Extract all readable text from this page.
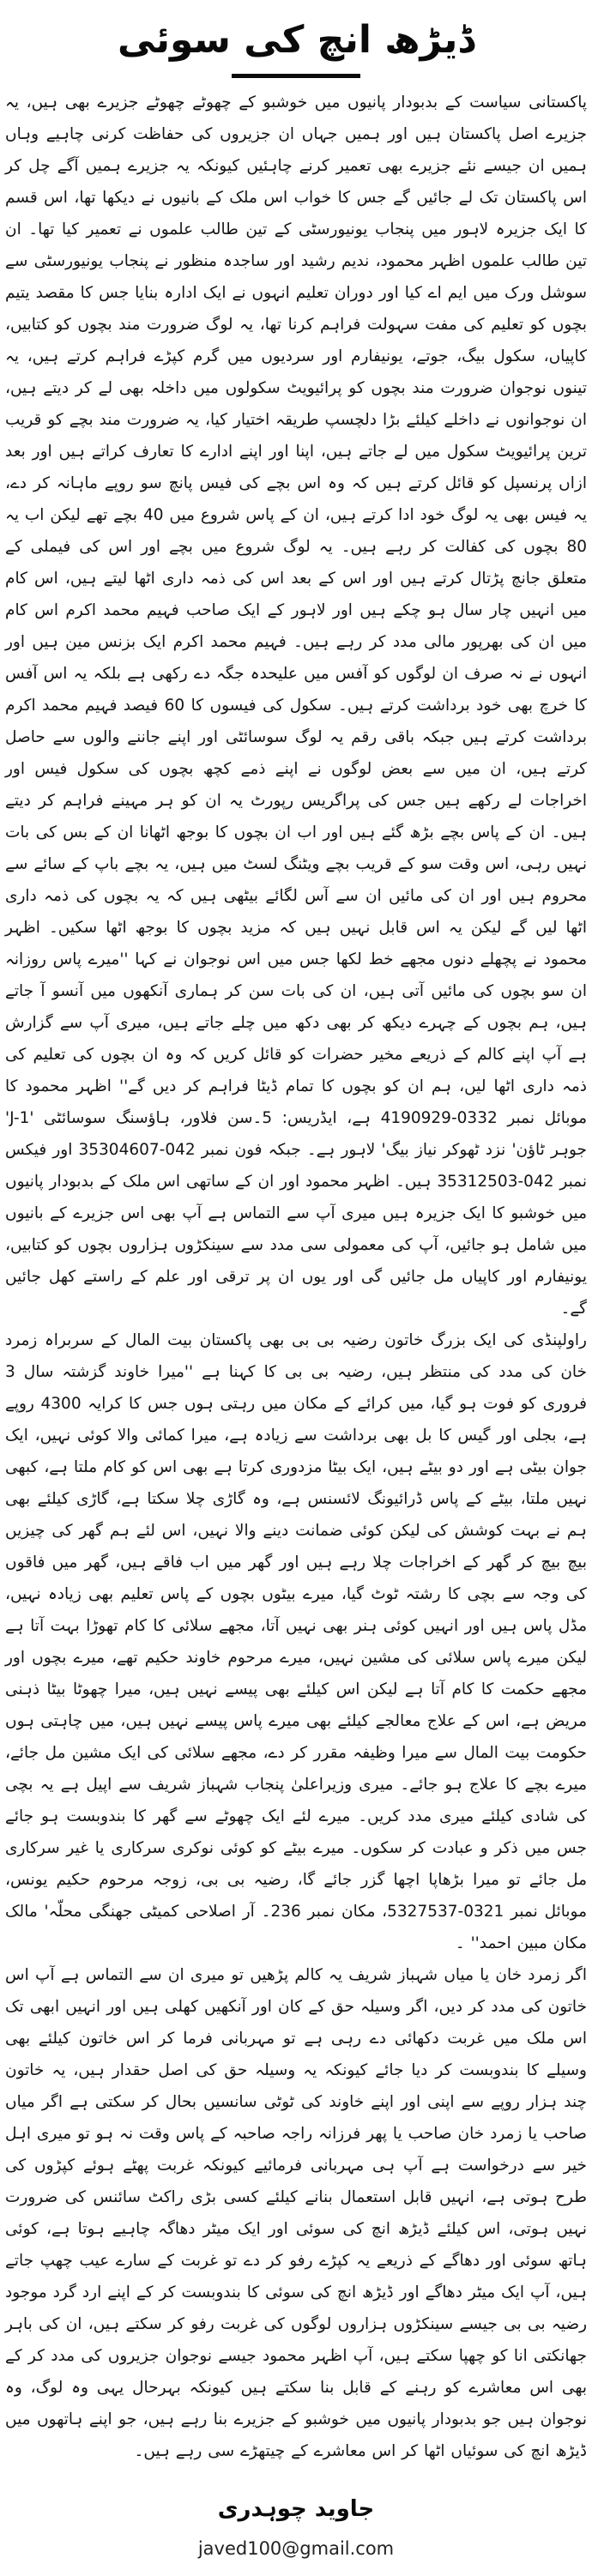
ڈیڑھ انچ کی سوئی

پاکستانی سیاست کے بدبودار پانیوں میں خوشبو کے چھوٹے چھوٹے جزیرے بھی ہیں، یہ جزیرے اصل پاکستان ہیں اور ہمیں جہاں ان جزیروں کی حفاظت کرنی چاہیے وہاں ہمیں ان جیسے نئے جزیرے بھی تعمیر کرنے چاہئیں کیونکہ یہ جزیرے ہمیں آگے چل کر اس پاکستان تک لے جائیں گے جس کا خواب اس ملک کے بانیوں نے دیکھا تھا، اس قسم کا ایک جزیرہ لاہور میں پنجاب یونیورسٹی کے تین طالب علموں نے تعمیر کیا تھا۔ ان تین طالب علموں اظہر محمود، ندیم رشید اور ساجدہ منظور نے پنجاب یونیورسٹی سے سوشل ورک میں ایم اے کیا اور دوران تعلیم انہوں نے ایک ادارہ بنایا جس کا مقصد یتیم بچوں کو تعلیم کی مفت سہولت فراہم کرنا تھا، یہ لوگ ضرورت مند بچوں کو کتابیں، کاپیاں، سکول بیگ، جوتے، یونیفارم اور سردیوں میں گرم کپڑے فراہم کرتے ہیں، یہ تینوں نوجوان ضرورت مند بچوں کو پرائیویٹ سکولوں میں داخلہ بھی لے کر دیتے ہیں، ان نوجوانوں نے داخلے کیلئے بڑا دلچسپ طریقہ اختیار کیا، یہ ضرورت مند بچے کو قریب ترین پرائیویٹ سکول میں لے جاتے ہیں، اپنا اور اپنے ادارے کا تعارف کراتے ہیں اور بعد ازاں پرنسپل کو قائل کرتے ہیں کہ وہ اس بچے کی فیس پانچ سو روپے ماہانہ کر دے، یہ فیس بھی یہ لوگ خود ادا کرتے ہیں، ان کے پاس شروع میں 40 بچے تھے لیکن اب یہ 80 بچوں کی کفالت کر رہے ہیں۔ یہ لوگ شروع میں بچے اور اس کی فیملی کے متعلق جانچ پڑتال کرتے ہیں اور اس کے بعد اس کی ذمہ داری اٹھا لیتے ہیں، اس کام میں انہیں چار سال ہو چکے ہیں اور لاہور کے ایک صاحب فہیم محمد اکرم اس کام میں ان کی بھرپور مالی مدد کر رہے ہیں۔ فہیم محمد اکرم ایک بزنس مین ہیں اور انہوں نے نہ صرف ان لوگوں کو آفس میں علیحدہ جگہ دے رکھی ہے بلکہ یہ اس آفس کا خرچ بھی خود برداشت کرتے ہیں۔ سکول کی فیسوں کا 60 فیصد فہیم محمد اکرم برداشت کرتے ہیں جبکہ باقی رقم یہ لوگ سوسائٹی اور اپنے جاننے والوں سے حاصل کرتے ہیں، ان میں سے بعض لوگوں نے اپنے ذمے کچھ بچوں کی سکول فیس اور اخراجات لے رکھے ہیں جس کی پراگریس رپورٹ یہ ان کو ہر مہینے فراہم کر دیتے ہیں۔ ان کے پاس بچے بڑھ گئے ہیں اور اب ان بچوں کا بوجھ اٹھانا ان کے بس کی بات نہیں رہی، اس وقت سو کے قریب بچے ویٹنگ لسٹ میں ہیں، یہ بچے باپ کے سائے سے محروم ہیں اور ان کی مائیں ان سے آس لگائے بیٹھی ہیں کہ یہ بچوں کی ذمہ داری اٹھا لیں گے لیکن یہ اس قابل نہیں ہیں کہ مزید بچوں کا بوجھ اٹھا سکیں۔ اظہر محمود نے پچھلے دنوں مجھے خط لکھا جس میں اس نوجوان نے کہا ''میرے پاس روزانہ ان سو بچوں کی مائیں آتی ہیں، ان کی بات سن کر ہماری آنکھوں میں آنسو آ جاتے ہیں، ہم بچوں کے چہرے دیکھ کر بھی دکھ میں چلے جاتے ہیں، میری آپ سے گزارش ہے آپ اپنے کالم کے ذریعے مخیر حضرات کو قائل کریں کہ وہ ان بچوں کی تعلیم کی ذمہ داری اٹھا لیں، ہم ان کو بچوں کا تمام ڈیٹا فراہم کر دیں گے'' اظہر محمود کا موبائل نمبر 0332-4190929 ہے، ایڈریس: 5۔سن فلاور، ہاؤسنگ سوسائٹی 'J-1' جوہر ٹاؤن' نزد ٹھوکر نیاز بیگ' لاہور ہے۔ جبکہ فون نمبر 042-35304607 اور فیکس نمبر 042-35312503 ہیں۔ اظہر محمود اور ان کے ساتھی اس ملک کے بدبودار پانیوں میں خوشبو کا ایک جزیرہ ہیں میری آپ سے التماس ہے آپ بھی اس جزیرے کے بانیوں میں شامل ہو جائیں، آپ کی معمولی سی مدد سے سینکڑوں ہزاروں بچوں کو کتابیں، یونیفارم اور کاپیاں مل جائیں گی اور یوں ان پر ترقی اور علم کے راستے کھل جائیں گے۔

راولپنڈی کی ایک بزرگ خاتون رضیہ بی بی بھی پاکستان بیت المال کے سربراہ زمرد خان کی مدد کی منتظر ہیں، رضیہ بی بی کا کہنا ہے ''میرا خاوند گزشتہ سال 3 فروری کو فوت ہو گیا، میں کرائے کے مکان میں رہتی ہوں جس کا کرایہ 4300 روپے ہے، بجلی اور گیس کا بل بھی برداشت سے زیادہ ہے، میرا کمائی والا کوئی نہیں، ایک جوان بیٹی ہے اور دو بیٹے ہیں، ایک بیٹا مزدوری کرتا ہے بھی اس کو کام ملتا ہے، کبھی نہیں ملتا، بیٹے کے پاس ڈرائیونگ لائسنس ہے، وہ گاڑی چلا سکتا ہے، گاڑی کیلئے بھی ہم نے بہت کوشش کی لیکن کوئی ضمانت دینے والا نہیں، اس لئے ہم گھر کی چیزیں بیچ بیچ کر گھر کے اخراجات چلا رہے ہیں اور گھر میں اب فاقے ہیں، گھر میں فاقوں کی وجہ سے بچی کا رشتہ ٹوٹ گیا، میرے بیٹوں بچوں کے پاس تعلیم بھی زیادہ نہیں، مڈل پاس ہیں اور انہیں کوئی ہنر بھی نہیں آتا، مجھے سلائی کا کام تھوڑا بہت آتا ہے لیکن میرے پاس سلائی کی مشین نہیں، میرے مرحوم خاوند حکیم تھے، میرے بچوں اور مجھے حکمت کا کام آتا ہے لیکن اس کیلئے بھی پیسے نہیں ہیں، میرا چھوٹا بیٹا ذہنی مریض ہے، اس کے علاج معالجے کیلئے بھی میرے پاس پیسے نہیں ہیں، میں چاہتی ہوں حکومت بیت المال سے میرا وظیفہ مقرر کر دے، مجھے سلائی کی ایک مشین مل جائے، میرے بچے کا علاج ہو جائے۔ میری وزیراعلیٰ پنجاب شہباز شریف سے اپیل ہے یہ بچی کی شادی کیلئے میری مدد کریں۔ میرے لئے ایک چھوٹے سے گھر کا بندوبست ہو جائے جس میں ذکر و عبادت کر سکوں۔ میرے بیٹے کو کوئی نوکری سرکاری یا غیر سرکاری مل جائے تو میرا بڑھاپا اچھا گزر جائے گا، رضیہ بی بی، زوجہ مرحوم حکیم یونس، موبائل نمبر 0321-5327537، مکان نمبر 236۔ آر اصلاحی کمیٹی جھنگی محلّہ' مالک مکان مبین احمد'' ۔

اگر زمرد خان یا میاں شہباز شریف یہ کالم پڑھیں تو میری ان سے التماس ہے آپ اس خاتون کی مدد کر دیں، اگر وسیلہ حق کے کان اور آنکھیں کھلی ہیں اور انہیں ابھی تک اس ملک میں غربت دکھائی دے رہی ہے تو مہربانی فرما کر اس خاتون کیلئے بھی وسیلے کا بندوبست کر دیا جائے کیونکہ یہ وسیلہ حق کی اصل حقدار ہیں، یہ خاتون چند ہزار روپے سے اپنی اور اپنے خاوند کی ٹوٹی سانسیں بحال کر سکتی ہے اگر میاں صاحب یا زمرد خان صاحب یا پھر فرزانہ راجہ صاحبہ کے پاس وقت نہ ہو تو میری اہل خیر سے درخواست ہے آپ ہی مہربانی فرمائیے کیونکہ غربت پھٹے ہوئے کپڑوں کی طرح ہوتی ہے، انہیں قابل استعمال بنانے کیلئے کسی بڑی راکٹ سائنس کی ضرورت نہیں ہوتی، اس کیلئے ڈیڑھ انچ کی سوئی اور ایک میٹر دھاگہ چاہیے ہوتا ہے، کوئی ہاتھ سوئی اور دھاگے کے ذریعے یہ کپڑے رفو کر دے تو غربت کے سارے عیب چھپ جاتے ہیں، آپ ایک میٹر دھاگے اور ڈیڑھ انچ کی سوئی کا بندوبست کر کے اپنے ارد گرد موجود رضیہ بی بی جیسے سینکڑوں ہزاروں لوگوں کی غربت رفو کر سکتے ہیں، ان کی باہر جھانکتی انا کو چھپا سکتے ہیں، آپ اظہر محمود جیسے نوجوان جزیروں کی مدد کر کے بھی اس معاشرے کو رہنے کے قابل بنا سکتے ہیں کیونکہ بہرحال یہی وہ لوگ، وہ نوجوان ہیں جو بدبودار پانیوں میں خوشبو کے جزیرے بنا رہے ہیں، جو اپنے ہاتھوں میں ڈیڑھ انچ کی سوئیاں اٹھا کر اس معاشرے کے چیتھڑے سی رہے ہیں۔

جاوید چوہدری
javed100@gmail.com
